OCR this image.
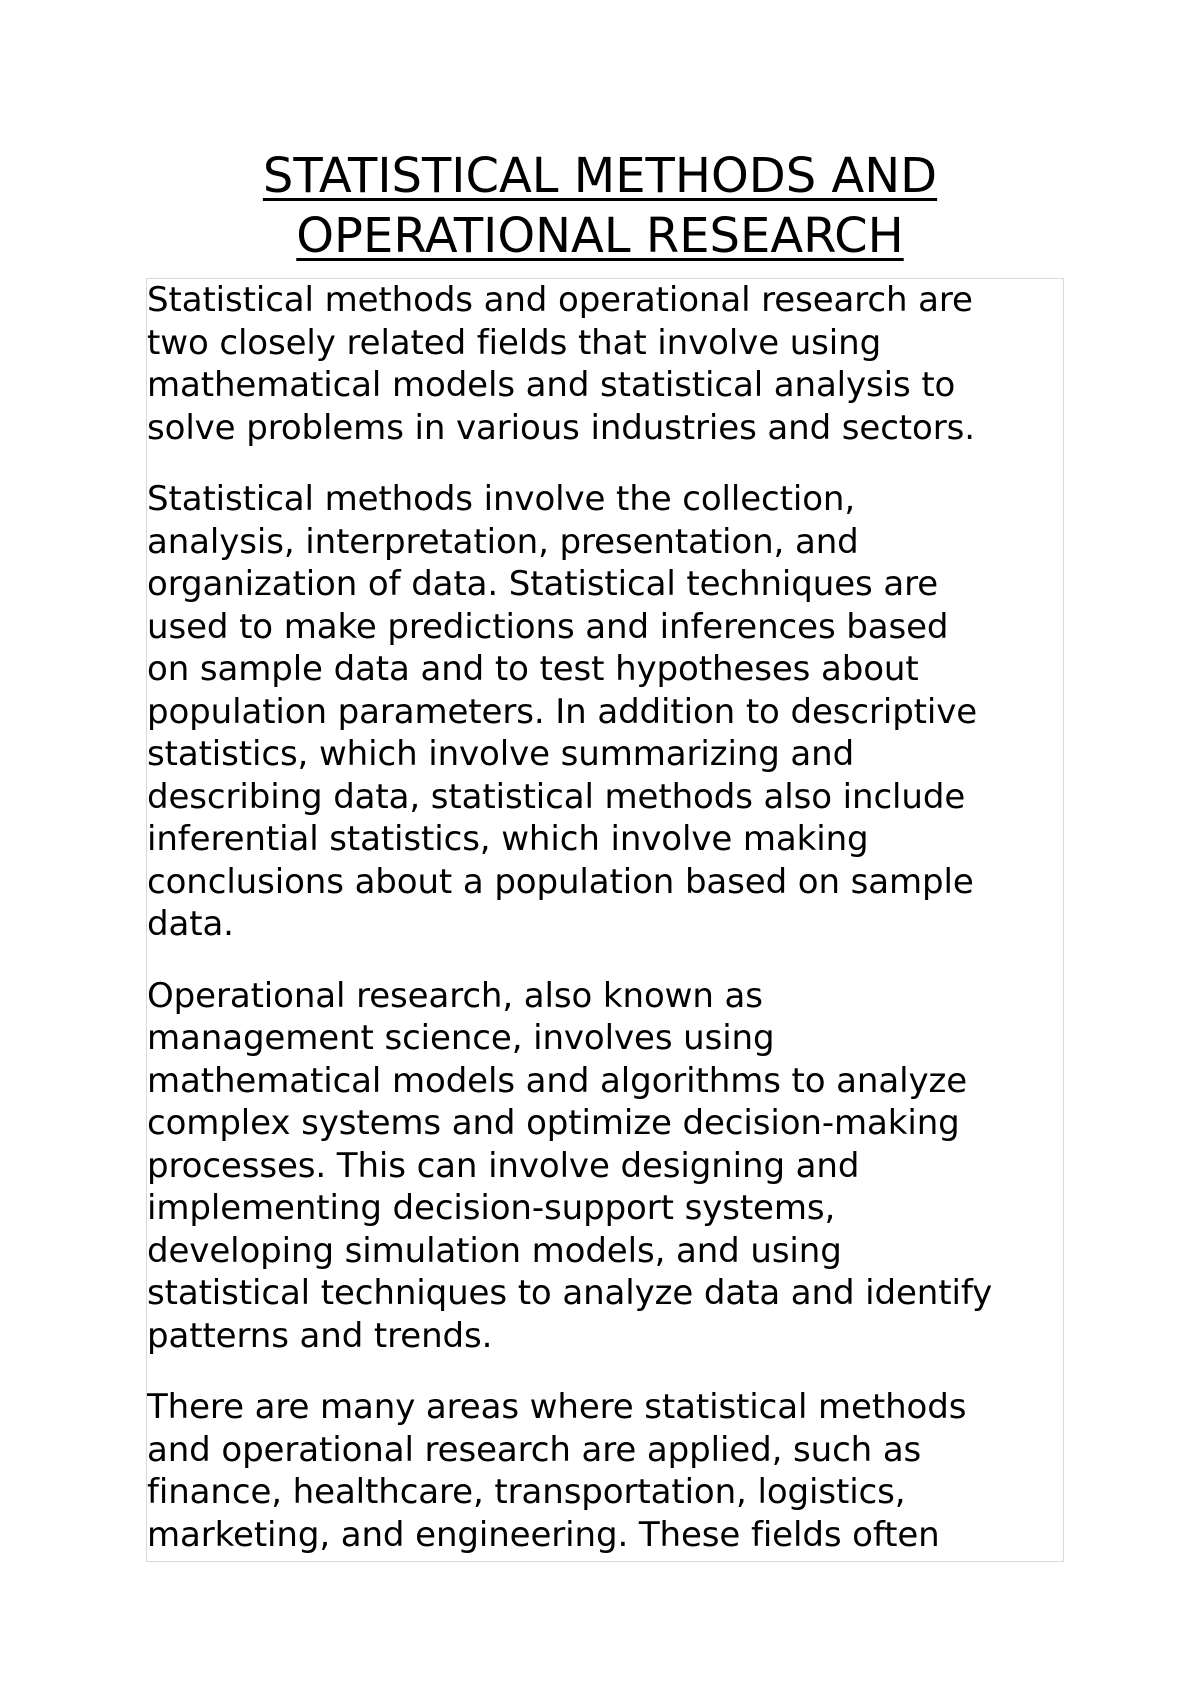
STATISTICAL METHODS AND
OPERATIONAL RESEARCH

Statistical methods and operational research are
two closely related fields that involve using
mathematical models and statistical analysis to
solve problems in various industries and sectors.

Statistical methods involve the collection,
analysis, interpretation, presentation, and
organization of data. Statistical techniques are
used to make predictions and inferences based
on sample data and to test hypotheses about
population parameters. In addition to descriptive
statistics, which involve summarizing and
describing data, statistical methods also include
inferential statistics, which involve making
conclusions about a population based on sample
data.

Operational research, also known as
management science, involves using
mathematical models and algorithms to analyze
complex systems and optimize decision-making
processes. This can involve designing and
implementing decision-support systems,
developing simulation models, and using
statistical techniques to analyze data and identify
patterns and trends.

There are many areas where statistical methods
and operational research are applied, such as
finance, healthcare, transportation, logistics,
marketing, and engineering. These fields often
